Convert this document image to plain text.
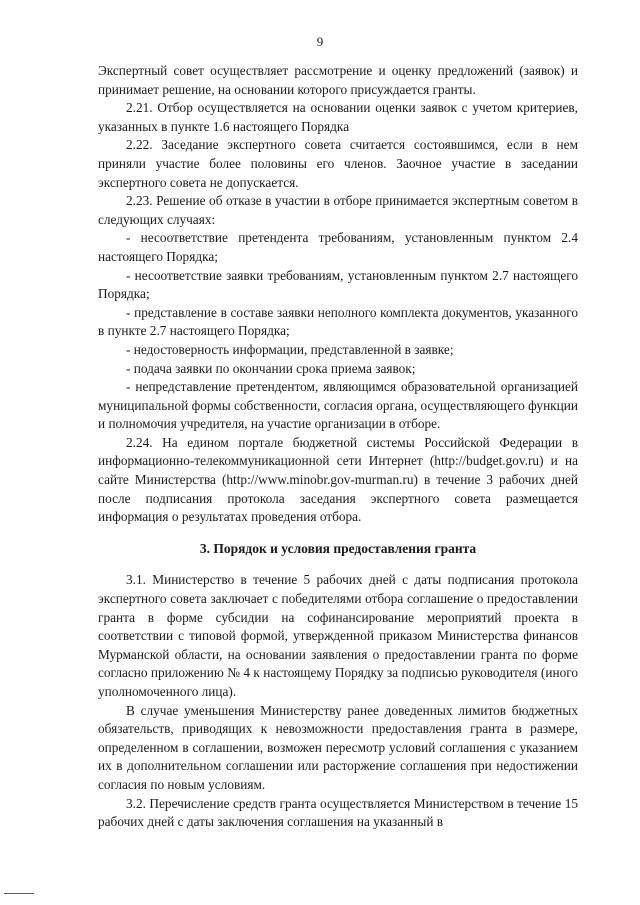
9

Экспертный совет осуществляет рассмотрение и оценку предложений (заявок) и принимает решение, на основании которого присуждается гранты.

2.21. Отбор осуществляется на основании оценки заявок с учетом критериев, указанных в пункте 1.6 настоящего Порядка

2.22. Заседание экспертного совета считается состоявшимся, если в нем приняли участие более половины его членов. Заочное участие в заседании экспертного совета не допускается.

2.23. Решение об отказе в участии в отборе принимается экспертным советом в следующих случаях:

- несоответствие претендента требованиям, установленным пунктом 2.4 настоящего Порядка;

- несоответствие заявки требованиям, установленным пунктом 2.7 настоящего Порядка;

- представление в составе заявки неполного комплекта документов, указанного в пункте 2.7 настоящего Порядка;

- недостоверность информации, представленной в заявке;

- подача заявки по окончании срока приема заявок;

- непредставление претендентом, являющимся образовательной организацией муниципальной формы собственности, согласия органа, осуществляющего функции и полномочия учредителя, на участие организации в отборе.

2.24. На едином портале бюджетной системы Российской Федерации в информационно-телекоммуникационной сети Интернет (http://budget.gov.ru) и на сайте Министерства (http://www.minobr.gov-murman.ru) в течение 3 рабочих дней после подписания протокола заседания экспертного совета размещается информация о результатах проведения отбора.

3. Порядок и условия предоставления гранта

3.1. Министерство в течение 5 рабочих дней с даты подписания протокола экспертного совета заключает с победителями отбора соглашение о предоставлении гранта в форме субсидии на софинансирование мероприятий проекта в соответствии с типовой формой, утвержденной приказом Министерства финансов Мурманской области, на основании заявления о предоставлении гранта по форме согласно приложению № 4 к настоящему Порядку за подписью руководителя (иного уполномоченного лица).

В случае уменьшения Министерству ранее доведенных лимитов бюджетных обязательств, приводящих к невозможности предоставления гранта в размере, определенном в соглашении, возможен пересмотр условий соглашения с указанием их в дополнительном соглашении или расторжение соглашения при недостижении согласия по новым условиям.

3.2. Перечисление средств гранта осуществляется Министерством в течение 15 рабочих дней с даты заключения соглашения на указанный в
